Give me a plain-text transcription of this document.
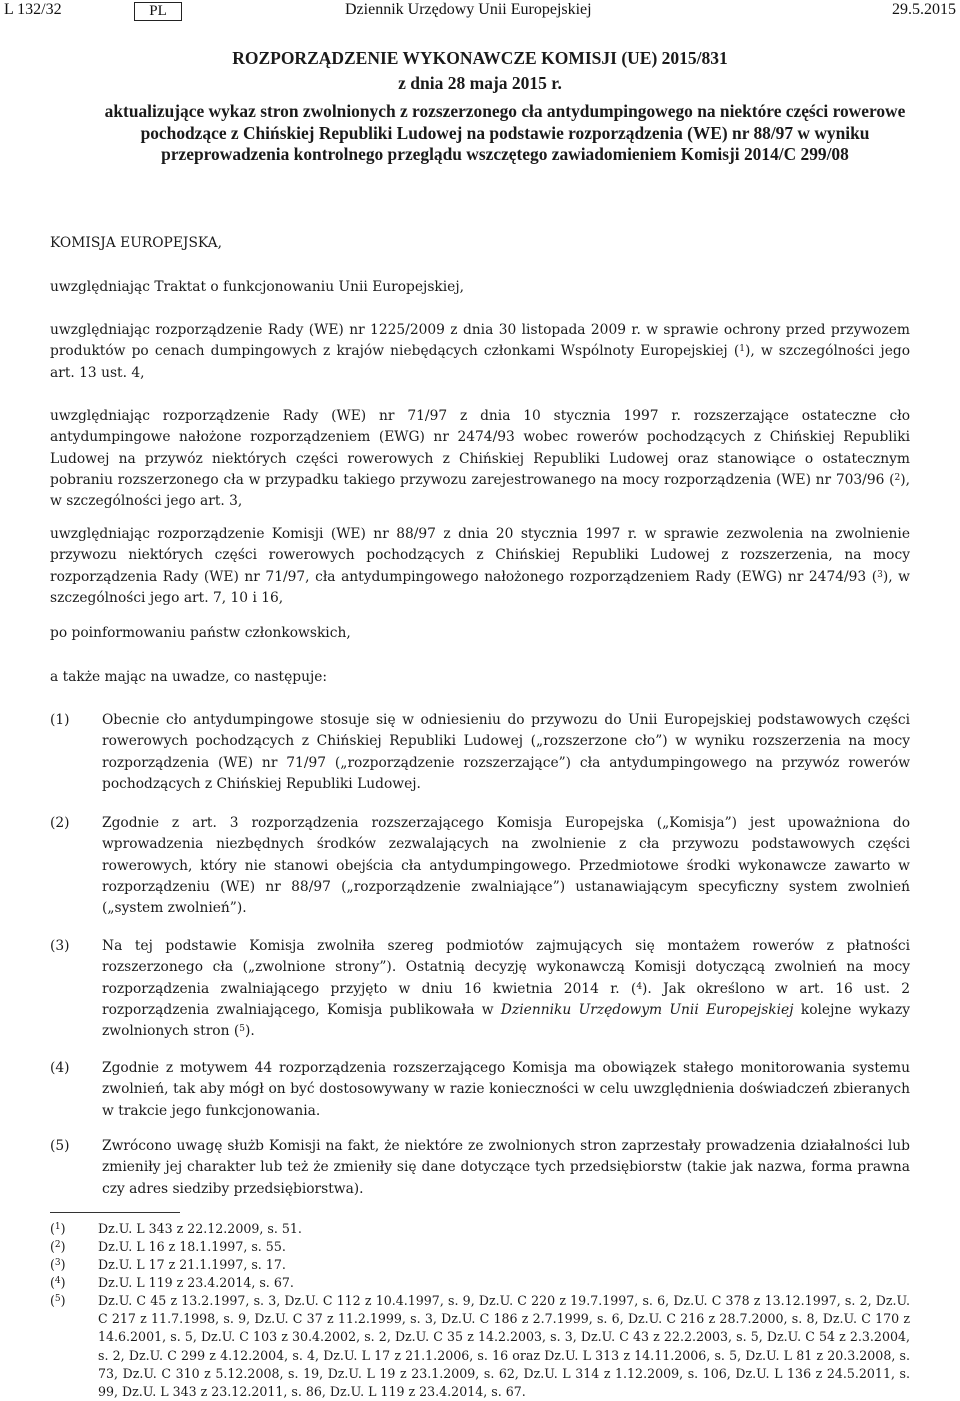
L 132/32	PL	Dziennik Urzędowy Unii Europejskiej	29.5.2015
ROZPORZĄDZENIE WYKONAWCZE KOMISJI (UE) 2015/831
z dnia 28 maja 2015 r.
aktualizujące wykaz stron zwolnionych z rozszerzonego cła antydumpingowego na niektóre części rowerowe pochodzące z Chińskiej Republiki Ludowej na podstawie rozporządzenia (WE) nr 88/97 w wyniku przeprowadzenia kontrolnego przeglądu wszczętego zawiadomieniem Komisji 2014/C 299/08
KOMISJA EUROPEJSKA,
uwzględniając Traktat o funkcjonowaniu Unii Europejskiej,
uwzględniając rozporządzenie Rady (WE) nr 1225/2009 z dnia 30 listopada 2009 r. w sprawie ochrony przed przywozem produktów po cenach dumpingowych z krajów niebędących członkami Wspólnoty Europejskiej ($^1$), w szczególności jego art. 13 ust. 4,
uwzględniając rozporządzenie Rady (WE) nr 71/97 z dnia 10 stycznia 1997 r. rozszerzające ostateczne cło antydumpingowe nałożone rozporządzeniem (EWG) nr 2474/93 wobec rowerów pochodzących z Chińskiej Republiki Ludowej na przywóz niektórych części rowerowych z Chińskiej Republiki Ludowej oraz stanowiące o ostatecznym pobraniu rozszerzonego cła w przypadku takiego przywozu zarejestrowanego na mocy rozporządzenia (WE) nr 703/96 ($^2$), w szczególności jego art. 3,
uwzględniając rozporządzenie Komisji (WE) nr 88/97 z dnia 20 stycznia 1997 r. w sprawie zezwolenia na zwolnienie przywozu niektórych części rowerowych pochodzących z Chińskiej Republiki Ludowej z rozszerzenia, na mocy rozporządzenia Rady (WE) nr 71/97, cła antydumpingowego nałożonego rozporządzeniem Rady (EWG) nr 2474/93 ($^3$), w szczególności jego art. 7, 10 i 16,
po poinformowaniu państw członkowskich,
a także mając na uwadze, co następuje:
(1) Obecnie cło antydumpingowe stosuje się w odniesieniu do przywozu do Unii Europejskiej podstawowych części rowerowych pochodzących z Chińskiej Republiki Ludowej („rozszerzone cło”) w wyniku rozszerzenia na mocy rozporządzenia (WE) nr 71/97 („rozporządzenie rozszerzające”) cła antydumpingowego na przywóz rowerów pochodzących z Chińskiej Republiki Ludowej.
(2) Zgodnie z art. 3 rozporządzenia rozszerzającego Komisja Europejska („Komisja”) jest upoważniona do wprowadzenia niezbędnych środków zezwalających na zwolnienie z cła przywozu podstawowych części rowerowych, który nie stanowi obejścia cła antydumpingowego. Przedmiotowe środki wykonawcze zawarto w rozporządzeniu (WE) nr 88/97 („rozporządzenie zwalniające”) ustanawiającym specyficzny system zwolnień („system zwolnień”).
(3) Na tej podstawie Komisja zwolniła szereg podmiotów zajmujących się montażem rowerów z płatności rozszerzonego cła („zwolnione strony”). Ostatnią decyzję wykonawczą Komisji dotyczącą zwolnień na mocy rozporządzenia zwalniającego przyjęto w dniu 16 kwietnia 2014 r. ($^4$). Jak określono w art. 16 ust. 2 rozporządzenia zwalniającego, Komisja publikowała w Dzienniku Urzędowym Unii Europejskiej kolejne wykazy zwolnionych stron ($^5$).
(4) Zgodnie z motywem 44 rozporządzenia rozszerzającego Komisja ma obowiązek stałego monitorowania systemu zwolnień, tak aby mógł on być dostosowywany w razie konieczności w celu uwzględnienia doświadczeń zbieranych w trakcie jego funkcjonowania.
(5) Zwrócono uwagę służb Komisji na fakt, że niektóre ze zwolnionych stron zaprzestały prowadzenia działalności lub zmieniły jej charakter lub też że zmieniły się dane dotyczące tych przedsiębiorstw (takie jak nazwa, forma prawna czy adres siedziby przedsiębiorstwa).
($^1$)	Dz.U. L 343 z 22.12.2009, s. 51.
($^2$)	Dz.U. L 16 z 18.1.1997, s. 55.
($^3$)	Dz.U. L 17 z 21.1.1997, s. 17.
($^4$)	Dz.U. L 119 z 23.4.2014, s. 67.
($^5$)	Dz.U. C 45 z 13.2.1997, s. 3, Dz.U. C 112 z 10.4.1997, s. 9, Dz.U. C 220 z 19.7.1997, s. 6, Dz.U. C 378 z 13.12.1997, s. 2, Dz.U. C 217 z 11.7.1998, s. 9, Dz.U. C 37 z 11.2.1999, s. 3, Dz.U. C 186 z 2.7.1999, s. 6, Dz.U. C 216 z 28.7.2000, s. 8, Dz.U. C 170 z 14.6.2001, s. 5, Dz.U. C 103 z 30.4.2002, s. 2, Dz.U. C 35 z 14.2.2003, s. 3, Dz.U. C 43 z 22.2.2003, s. 5, Dz.U. C 54 z 2.3.2004, s. 2, Dz.U. C 299 z 4.12.2004, s. 4, Dz.U. L 17 z 21.1.2006, s. 16 oraz Dz.U. L 313 z 14.11.2006, s. 5, Dz.U. L 81 z 20.3.2008, s. 73, Dz.U. C 310 z 5.12.2008, s. 19, Dz.U. L 19 z 23.1.2009, s. 62, Dz.U. L 314 z 1.12.2009, s. 106, Dz.U. L 136 z 24.5.2011, s. 99, Dz.U. L 343 z 23.12.2011, s. 86, Dz.U. L 119 z 23.4.2014, s. 67.
